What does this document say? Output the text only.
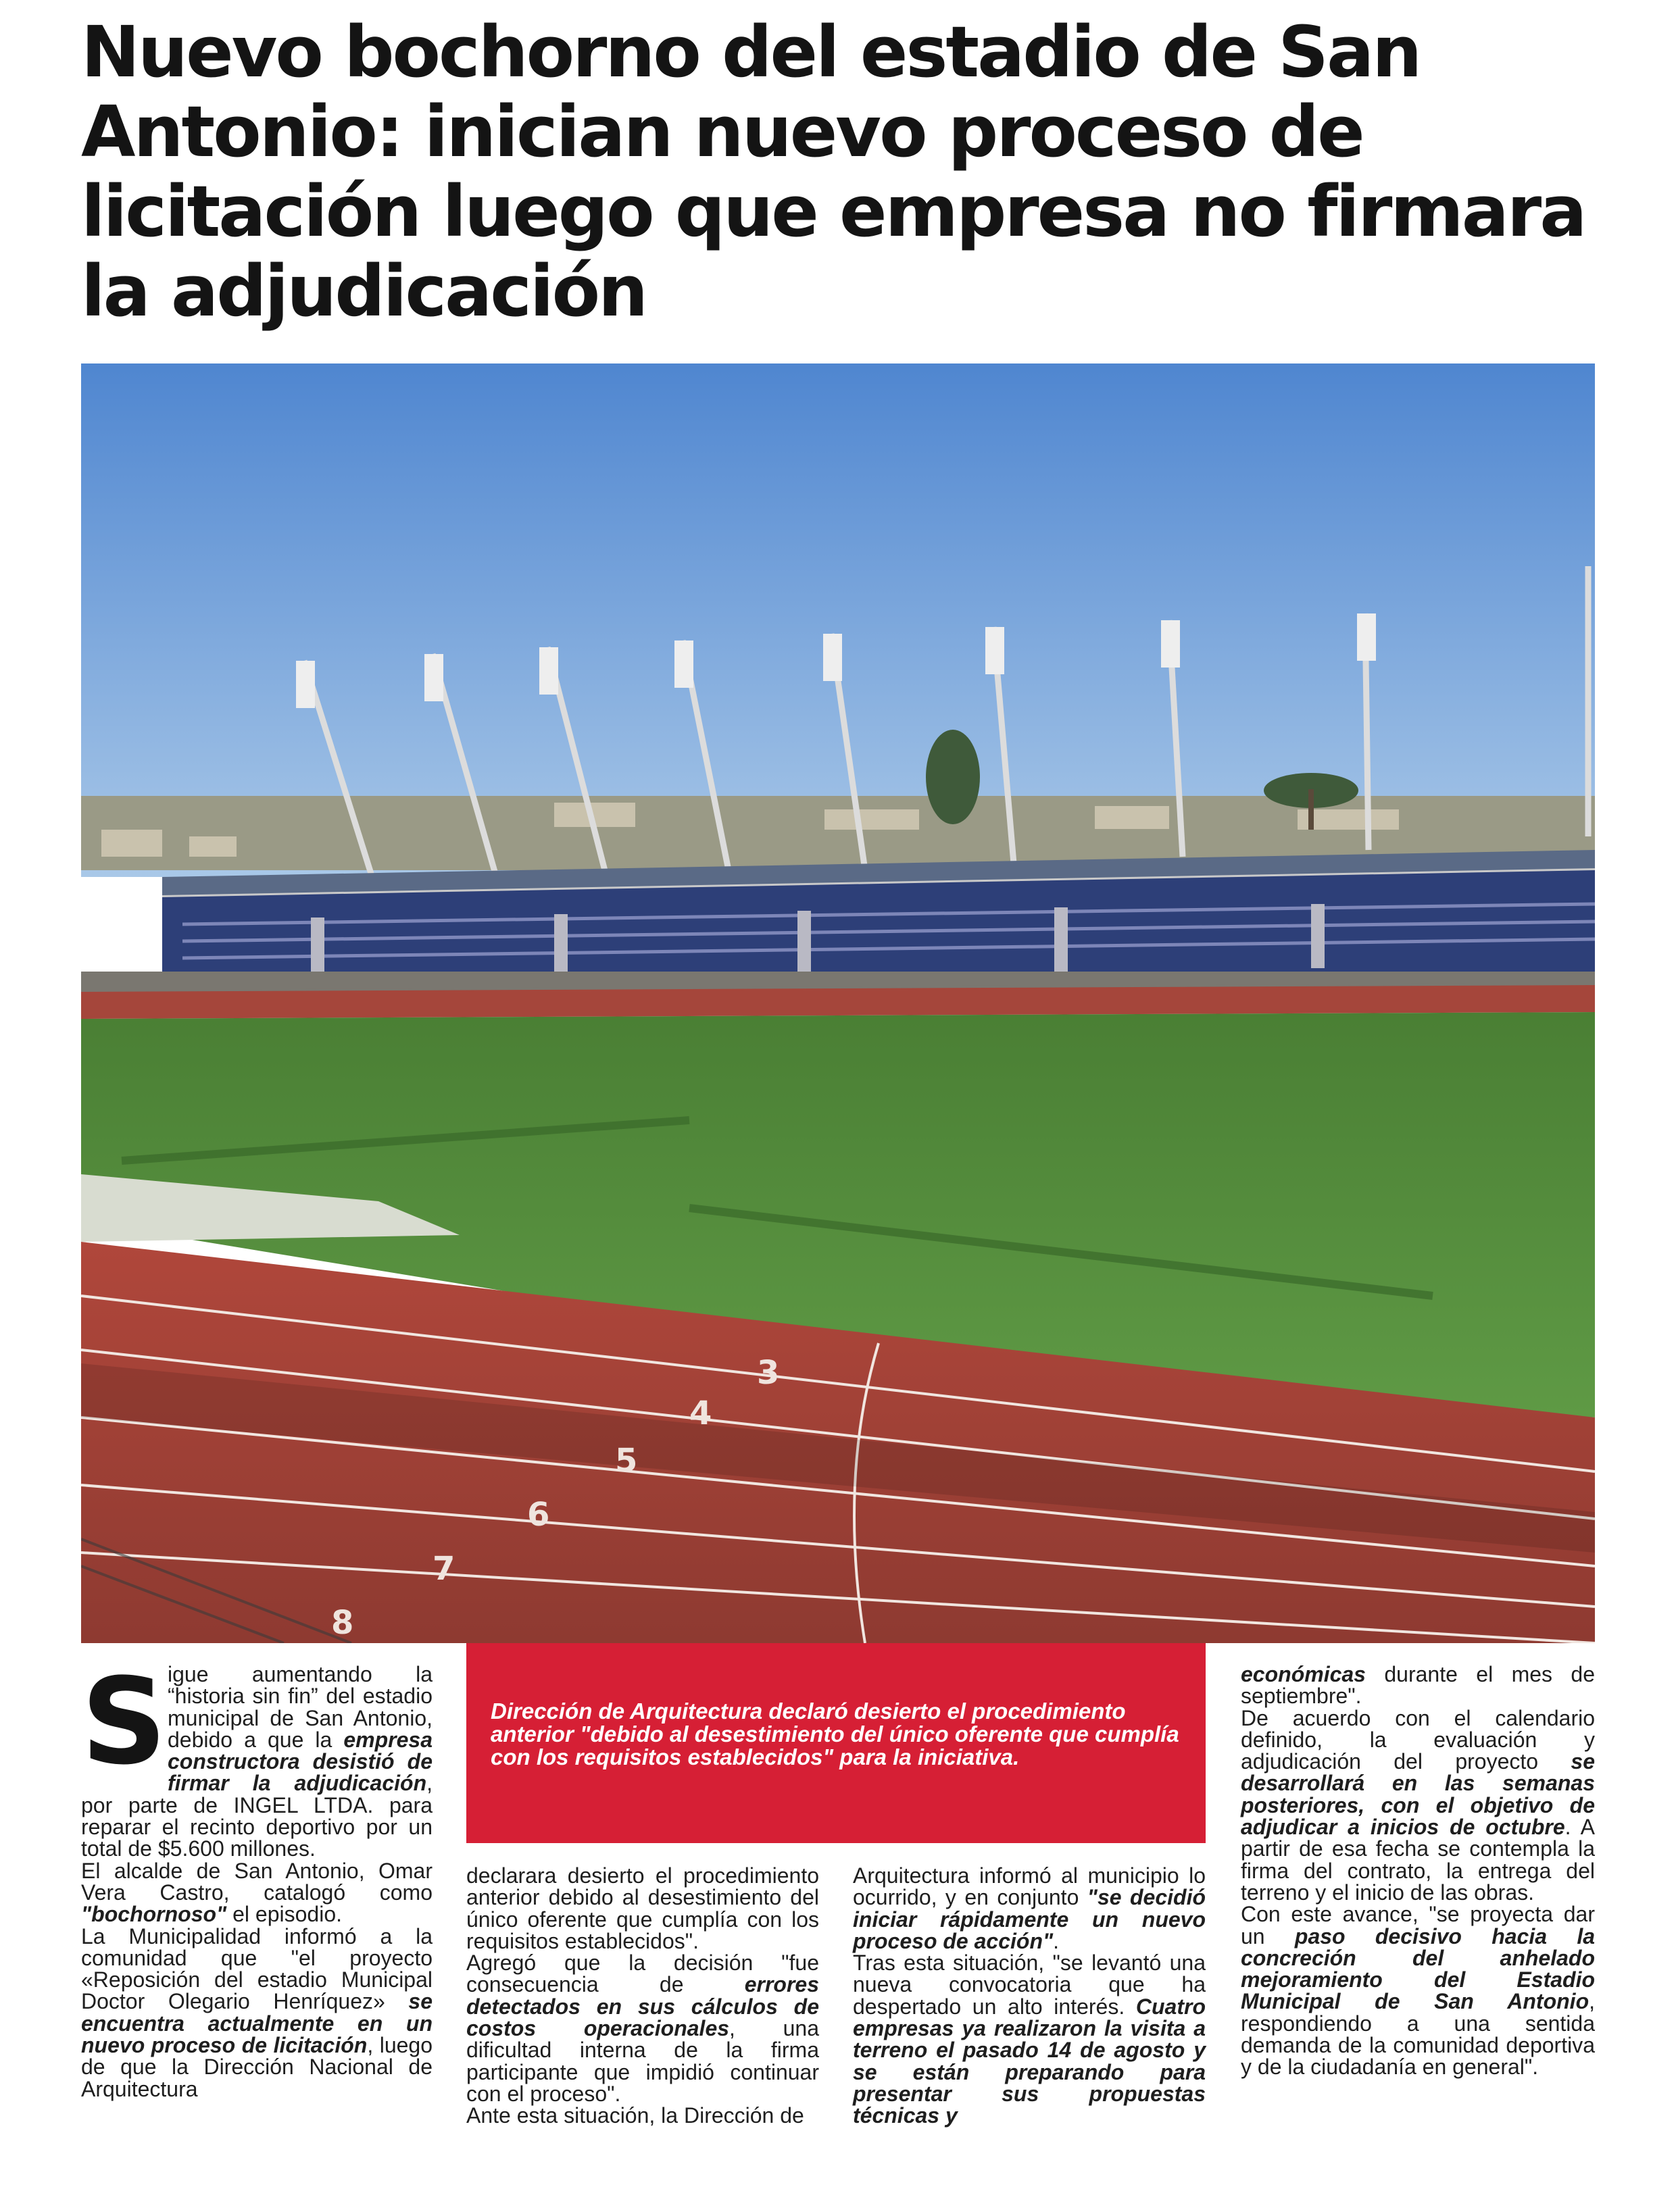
Nuevo bochorno del estadio de San Antonio: inician nuevo proceso de licitación luego que empresa no firmara la adjudicación
3
4
5
6
7
8

Dirección de Arquitectura declaró desierto el procedimiento anterior "debido al desestimiento del único oferente que cumplía con los requisitos establecidos" para la iniciativa.

S igue aumentando la “historia sin fin” del estadio municipal de San Antonio, debido a que la empresa constructora desistió de firmar la adjudicación, por parte de INGEL LTDA. para reparar el recinto deportivo por un total de $5.600 millones.

El alcalde de San Antonio, Omar Vera Castro, catalogó como "bochornoso" el episodio.

La Municipalidad informó a la comunidad que "el proyecto «Reposición del estadio Municipal Doctor Olegario Henríquez» se encuentra actualmente en un nuevo proceso de licitación, luego de que la Dirección Nacional de Arquitectura

declarara desierto el procedimiento anterior debido al desestimiento del único oferente que cumplía con los requisitos establecidos".

Agregó que la decisión "fue consecuencia de errores detectados en sus cálculos de costos operacionales, una dificultad interna de la firma participante que impidió continuar con el proceso".

Ante esta situación, la Dirección de

Arquitectura informó al municipio lo ocurrido, y en conjunto "se decidió iniciar rápidamente un nuevo proceso de acción".

Tras esta situación, "se levantó una nueva convocatoria que ha despertado un alto interés. Cuatro empresas ya realizaron la visita a terreno el pasado 14 de agosto y se están preparando para presentar sus propuestas técnicas y

económicas durante el mes de septiembre".

De acuerdo con el calendario definido, la evaluación y adjudicación del proyecto se desarrollará en las semanas posteriores, con el objetivo de adjudicar a inicios de octubre. A partir de esa fecha se contempla la firma del contrato, la entrega del terreno y el inicio de las obras.

Con este avance, "se proyecta dar un paso decisivo hacia la concreción del anhelado mejoramiento del Estadio Municipal de San Antonio, respondiendo a una sentida demanda de la comunidad deportiva y de la ciudadanía en general".
